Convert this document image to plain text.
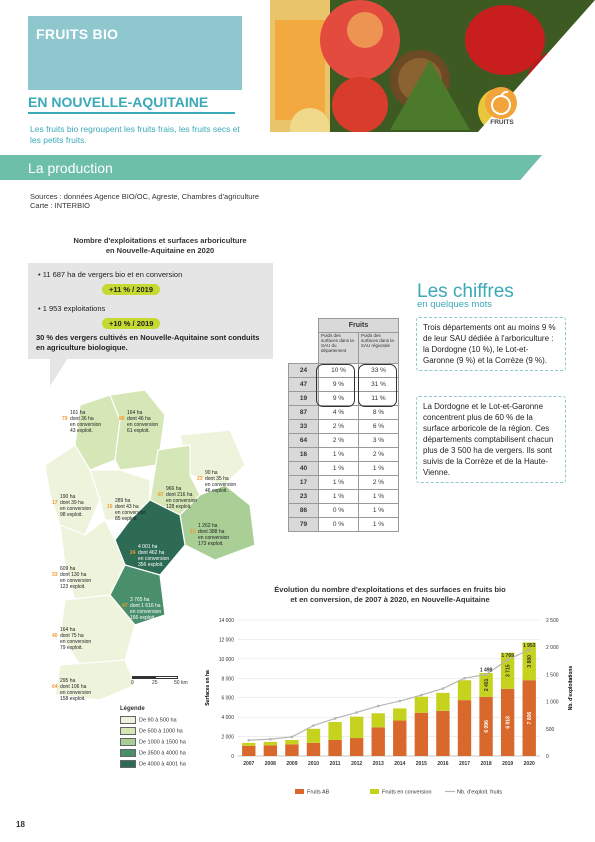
FRUITS BIO
EN NOUVELLE-AQUITAINE
Les fruits bio regroupent les fruits frais, les fruits secs et les petits fruits.
FRUITS
La production
Sources : données Agence BIO/OC, Agreste, Chambres d'agriculture
Carte : INTERBIO
Nombre d'exploitations et surfaces arboriculture
en Nouvelle-Aquitaine en 2020
• 11 687 ha de vergers bio et en conversion
+11 % / 2019
• 1 953 exploitations
+10 % / 2019
30 % des vergers cultivés en Nouvelle-Aquitaine sont conduits en agriculture biologique.
79
161 ha
dont 36 ha
en conversion
43 exploit.
86
164 ha
dont 46 ha
en conversion
61 exploit.
23
90 ha
dont 35 ha
en conversion
46 exploit.
87
966 ha
dont 216 ha
en conversion
128 exploit.
17
190 ha
dont 39 ha
en conversion
98 exploit.
16
289 ha
dont 43 ha
en conversion
85 exploit.
19
1 262 ha
dont 388 ha
en conversion
173 exploit.
24
4 001 ha
dont 462 ha
en conversion
356 exploit.
33
609 ha
dont 130 ha
en conversion
123 exploit.
47
3 765 ha
dont 1 616 ha
en conversion
166 exploit.
40
164 ha
dont 75 ha
en conversion
79 exploit.
64
295 ha
dont 106 ha
en conversion
158 exploit.
0	25	50 km
Légende
De 90 à 500 ha
De 500 à 1000 ha
De 1000 à 1500 ha
De 3500 à 4000 ha
De 4000 à 4001 ha
	Fruits	
	Poids des surfaces dans la SAU du département	Poids des surfaces dans la SAU régionale
24	10 %	33 %
47	9 %	31 %
19	9 %	11 %
87	4 %	8 %
33	2 %	6 %
64	2 %	3 %
16	1 %	2 %
40	1 %	1 %
17	1 %	2 %
23	1 %	1 %
86	0 %	1 %
79	0 %	1 %
Les chiffres
en quelques mots
Trois départements ont au moins 9 % de leur SAU dédiée à l'arboriculture : la Dordogne (10 %), le Lot-et-Garonne (9 %) et la Corrèze (9 %).
La Dordogne et le Lot-et-Garonne concentrent plus de 60 % de la surface arboricole de la région. Ces départements comptabilisent chacun plus de 3 500 ha de vergers. Ils sont suivis de la Corrèze et de la Haute-Vienne.
Évolution du nombre d'exploitations et des surfaces en fruits bio
et en conversion, de 2007 à 2020, en Nouvelle-Aquitaine
0
2 000
4 000
6 000
8 000
10 000
12 000
14 000
0
500
1 000
1 500
2 000
2 500
Surfaces en ha	Nb. d'exploitations
2007 2008 2009 2010 2011 2012 2013 2014 2015 2016 2017 2018 2019 2020
6 096
2 451
6 918
3 715
7 806
3 880
1 498
1 769
1 953
Fruits AB	Fruits en conversion	Nb. d'exploit. fruits
18
